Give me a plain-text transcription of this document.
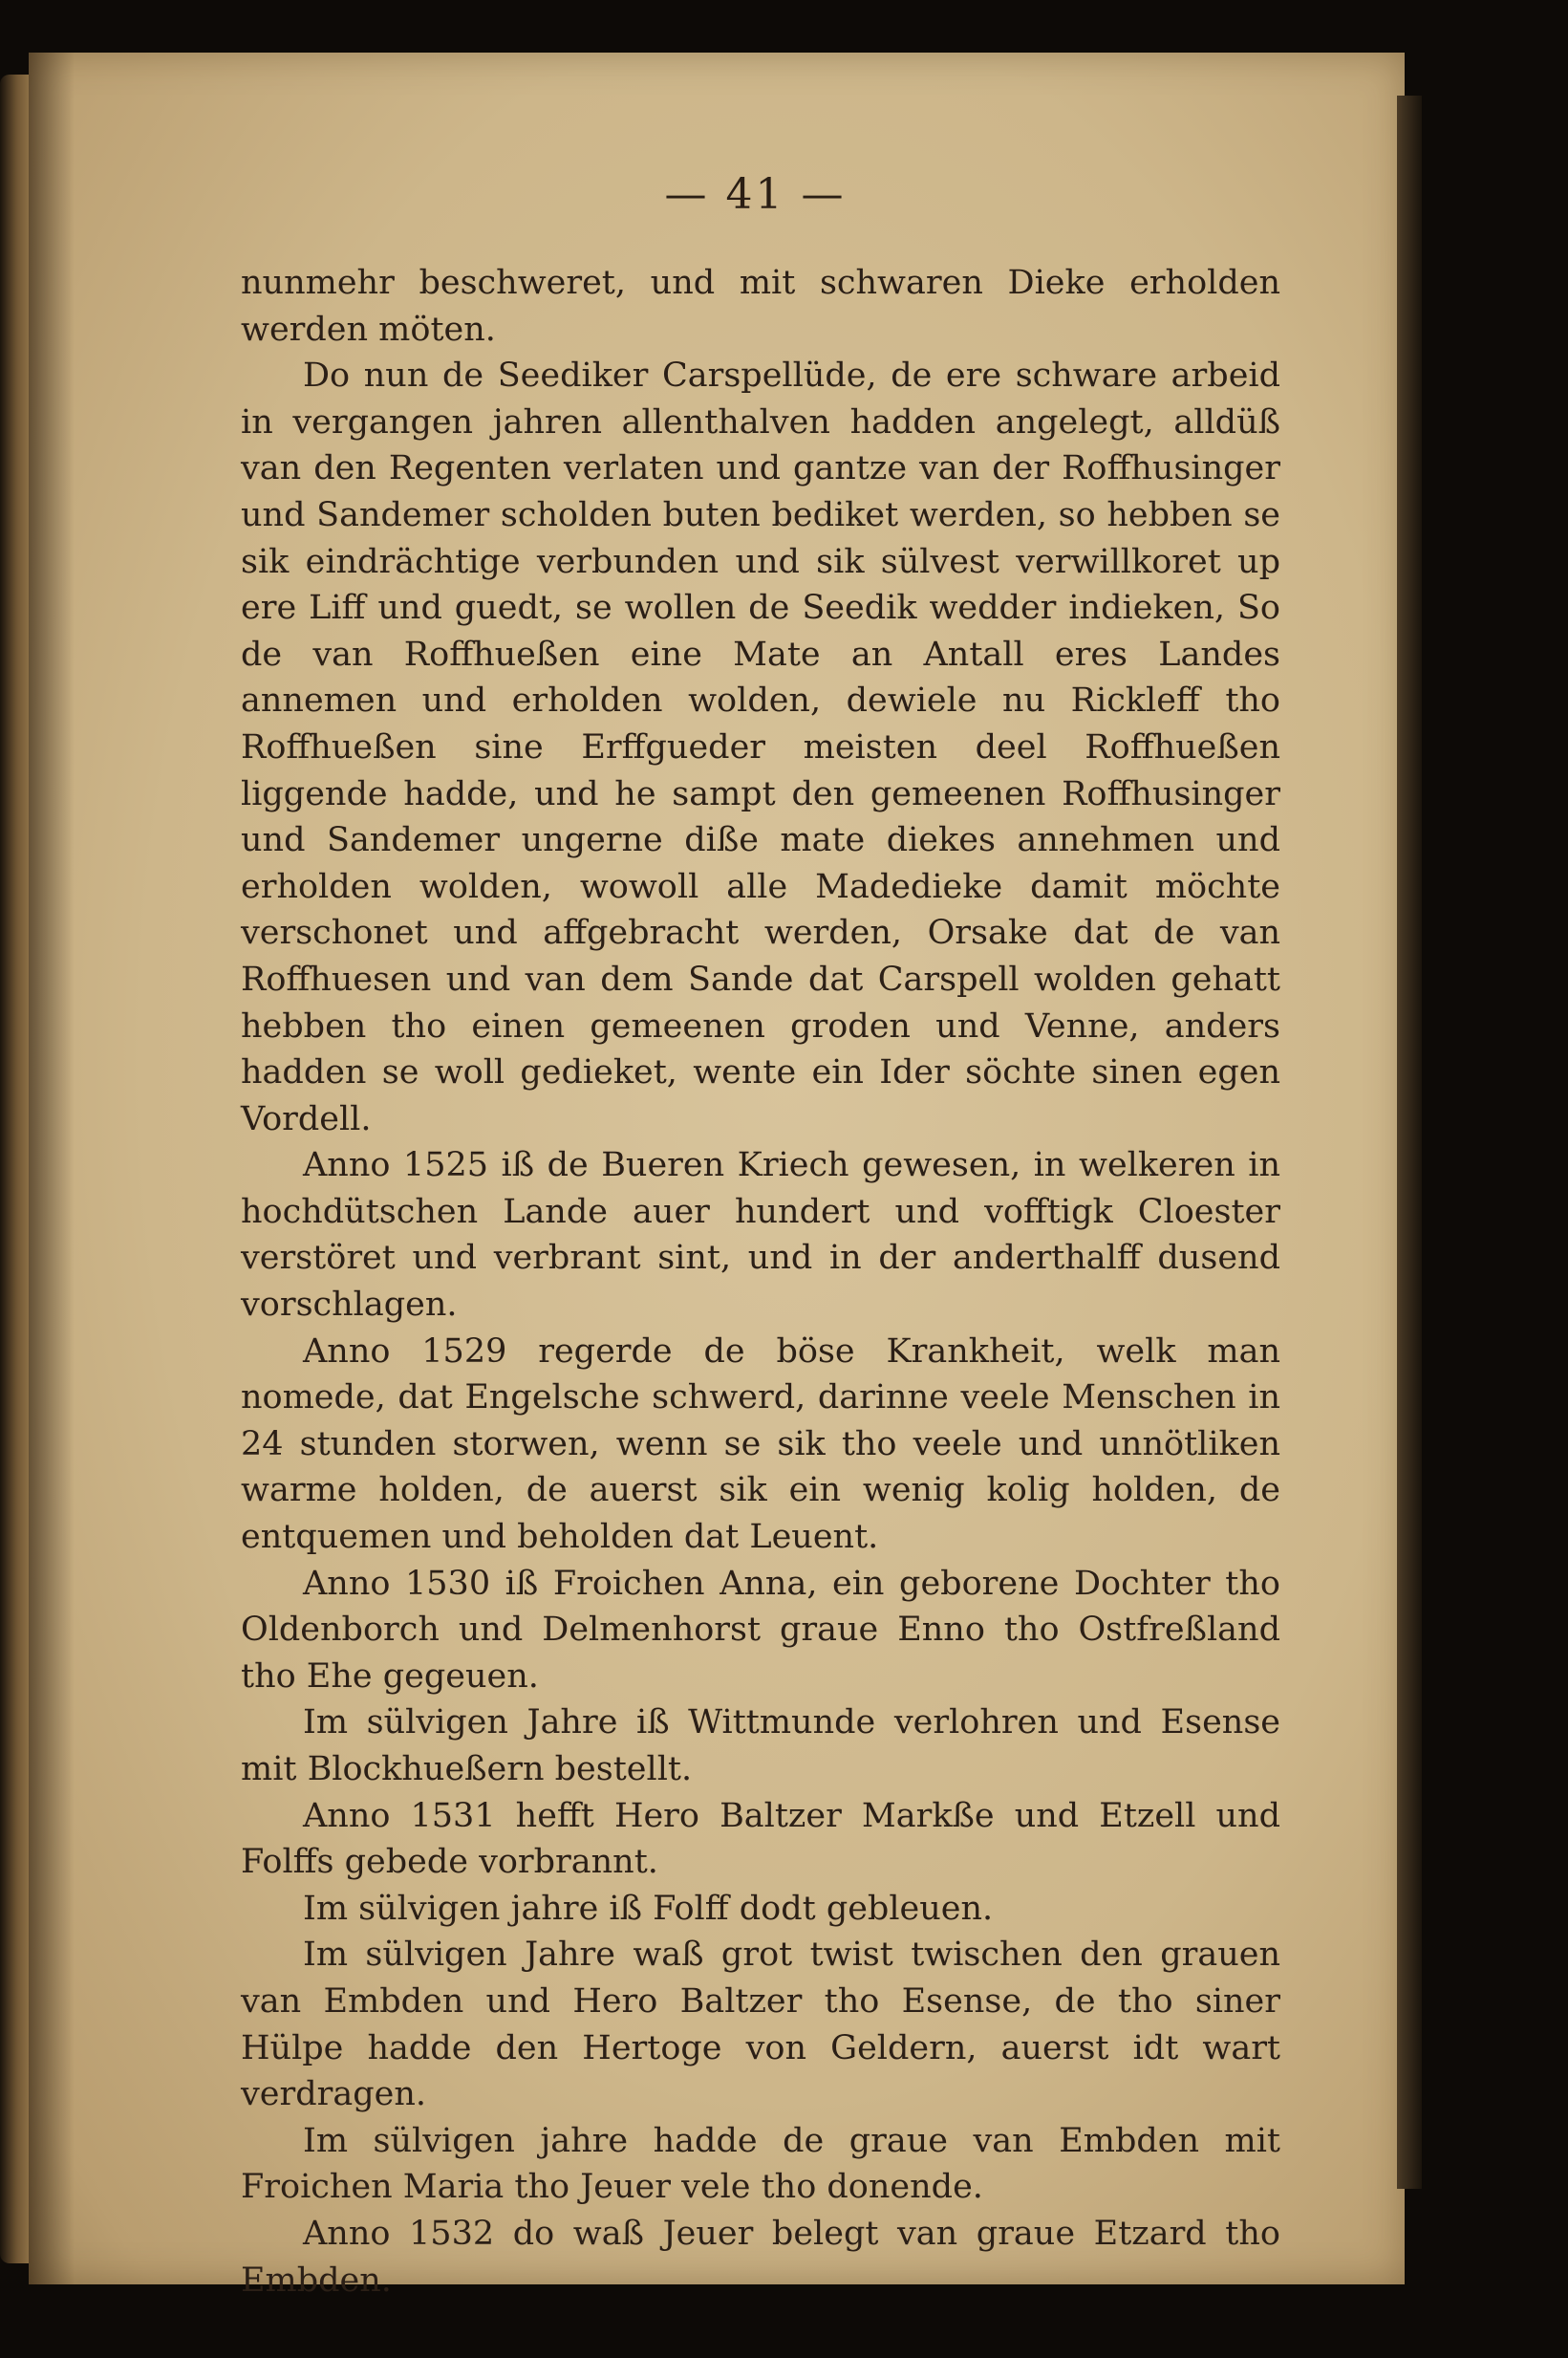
— 41 —

nunmehr beschweret, und mit schwaren Dieke erholden werden möten.

Do nun de Seediker Carspellüde, de ere schware arbeid in vergangen jahren allenthalven hadden angelegt, alldüß van den Regenten verlaten und gantze van der Roffhusinger und Sandemer scholden buten bediket werden, so hebben se sik eindrächtige verbunden und sik sülvest verwillkoret up ere Liff und guedt, se wollen de Seedik wedder indieken, So de van Roffhueßen eine Mate an Antall eres Landes annemen und erholden wolden, dewiele nu Rickleff tho Roffhueßen sine Erffgueder meisten deel Roffhueßen liggende hadde, und he sampt den gemeenen Roffhusinger und Sandemer ungerne dißе mate diekes annehmen und erholden wolden, wowoll alle Madedieke damit möchte verschonet und affgebracht werden, Orsake dat de van Roffhuesen und van dem Sande dat Carspell wolden gehatt hebben tho einen gemeenen groden und Venne, anders hadden se woll gediеket, wente ein Ider söchte sinen egen Vordell.

Anno 1525 iß de Bueren Kriech gewesen, in welkeren in hochdütschen Lande auer hundert und vofftigk Cloester verstöret und verbrant sint, und in der anderthalff dusend vorschlagen.

Anno 1529 regerde de böse Krankheit, welk man nomede, dat Engelsche schwerd, darinne veele Menschen in 24 stunden storwen, wenn se sik tho veele und unnötliken warme holden, de auerst sik ein wenig kolig holden, de entquemen und beholden dat Leuent.

Anno 1530 iß Froichen Anna, ein geborene Dochter tho Oldenborch und Delmenhorst graue Enno tho Ostfreßland tho Ehe gegeuen.

Im sülvigen Jahre iß Wittmunde verlohren und Esense mit Blockhueßern bestellt.

Anno 1531 hefft Hero Baltzer Markße und Etzell und Folffs gebede vorbrannt.

Im sülvigen jahre iß Folff dodt gebleuen.

Im sülvigen Jahre waß grot twist twischen den grauen van Embden und Hero Baltzer tho Esense, de tho siner Hülpe hadde den Hertoge von Geldern, auerst idt wart verdragen.

Im sülvigen jahre hadde de graue van Embden mit Froichen Maria tho Jeuer vele tho donende.

Anno 1532 do waß Jeuer belegt van graue Etzard tho Embden.
